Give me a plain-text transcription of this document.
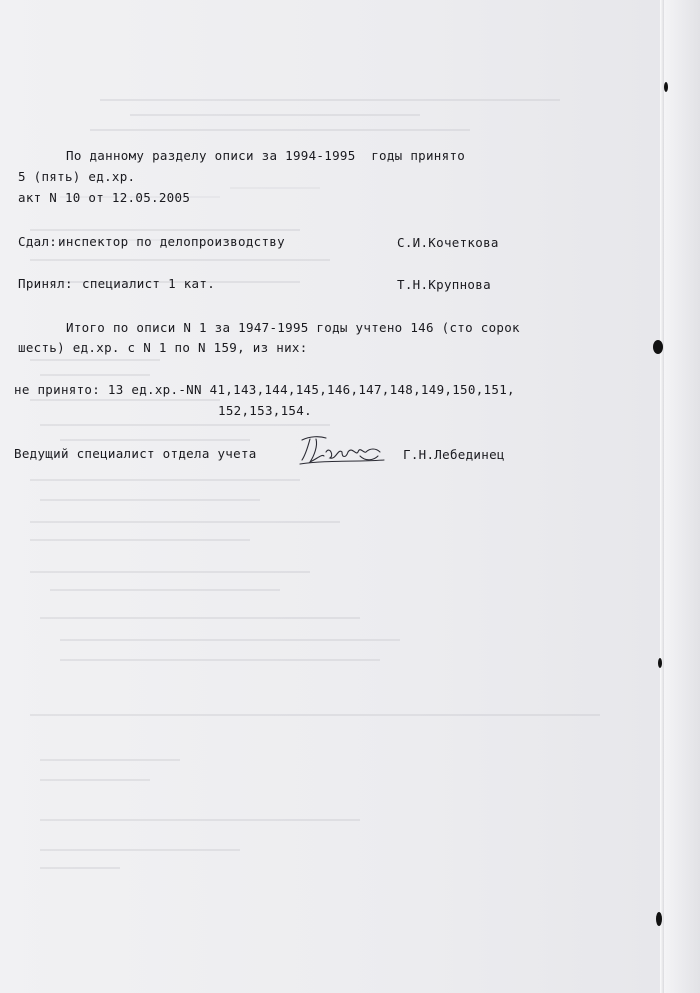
По данному разделу описи за 1994-1995  годы принято
5 (пять) ед.хр.
акт N 10 от 12.05.2005
Сдал: инспектор по делопроизводству	С.И.Кочеткова
Принял: специалист 1 кат.	Т.Н.Крупнова
Итого по описи N 1 за 1947-1995 годы учтено 146 (сто сорок
шесть) ед.хр. с N 1 по N 159, из них:
не принято: 13 ед.хр.-NN 41,143,144,145,146,147,148,149,150,151,
152,153,154.
Ведущий специалист отдела учета	Г.Н.Лебединец
